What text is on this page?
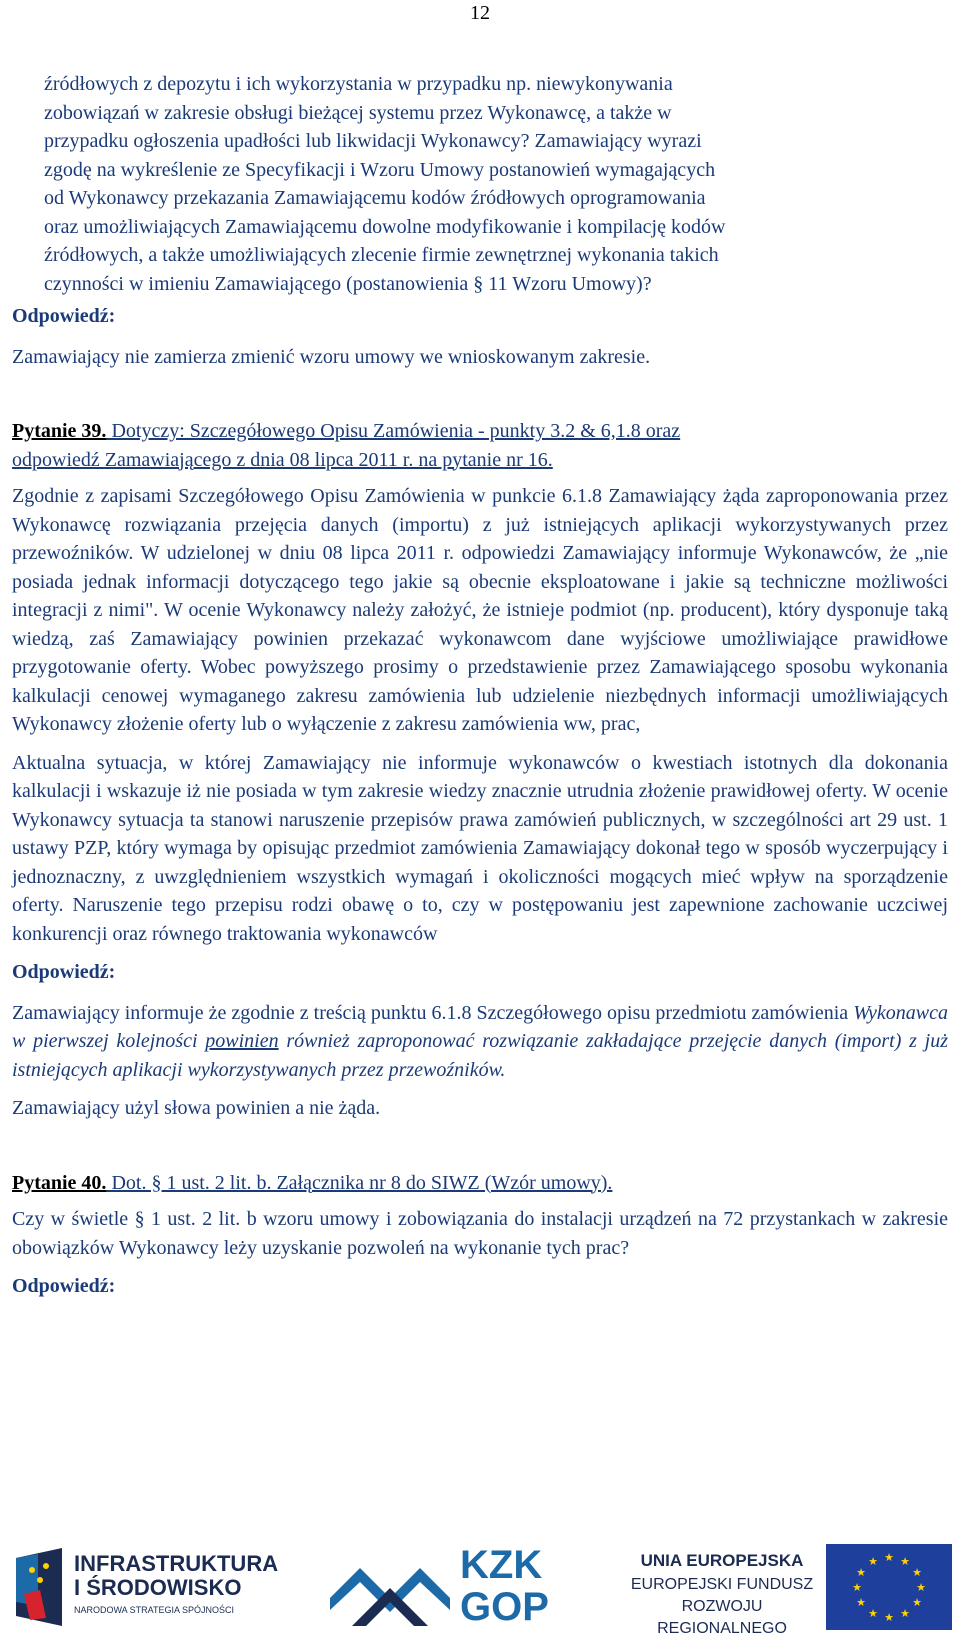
12
źródłowych z depozytu i ich wykorzystania w przypadku np. niewykonywania
zobowiązań w zakresie obsługi bieżącej systemu przez Wykonawcę, a także w
przypadku ogłoszenia upadłości lub likwidacji Wykonawcy? Zamawiający wyrazi
zgodę na wykreślenie ze Specyfikacji i Wzoru Umowy postanowień wymagających
od Wykonawcy przekazania Zamawiającemu kodów źródłowych oprogramowania
oraz umożliwiających Zamawiającemu dowolne modyfikowanie i kompilację kodów
źródłowych, a także umożliwiających zlecenie firmie zewnętrznej wykonania takich
czynności w imieniu Zamawiającego (postanowienia § 11 Wzoru Umowy)?
Odpowiedź:
Zamawiający nie zamierza zmienić wzoru umowy we wnioskowanym zakresie.
Pytanie 39. Dotyczy: Szczegółowego Opisu Zamówienia - punkty 3.2 & 6,1.8 oraz
odpowiedź Zamawiającego z dnia 08 lipca 2011 r. na pytanie nr 16.
Zgodnie z zapisami Szczegółowego Opisu Zamówienia w punkcie 6.1.8 Zamawiający żąda zaproponowania przez Wykonawcę rozwiązania przejęcia danych (importu) z już istniejących aplikacji wykorzystywanych przez przewoźników. W udzielonej w dniu 08 lipca 2011 r. odpowiedzi Zamawiający informuje Wykonawców, że „nie posiada jednak informacji dotyczącego tego jakie są obecnie eksploatowane i jakie są techniczne możliwości integracji z nimi". W ocenie Wykonawcy należy założyć, że istnieje podmiot (np. producent), który dysponuje taką wiedzą, zaś Zamawiający powinien przekazać wykonawcom dane wyjściowe umożliwiające prawidłowe przygotowanie oferty. Wobec powyższego prosimy o przedstawienie przez Zamawiającego sposobu wykonania kalkulacji cenowej wymaganego zakresu zamówienia lub udzielenie niezbędnych informacji umożliwiających Wykonawcy złożenie oferty lub o wyłączenie z zakresu zamówienia ww, prac,
Aktualna sytuacja, w której Zamawiający nie informuje wykonawców o kwestiach istotnych dla dokonania kalkulacji i wskazuje iż nie posiada w tym zakresie wiedzy znacznie utrudnia złożenie prawidłowej oferty. W ocenie Wykonawcy sytuacja ta stanowi naruszenie przepisów prawa zamówień publicznych, w szczególności art 29 ust. 1 ustawy PZP, który wymaga by opisując przedmiot zamówienia Zamawiający dokonał tego w sposób wyczerpujący i jednoznaczny, z uwzględnieniem wszystkich wymagań i okoliczności mogących mieć wpływ na sporządzenie oferty. Naruszenie tego przepisu rodzi obawę o to, czy w postępowaniu jest zapewnione zachowanie uczciwej konkurencji oraz równego traktowania wykonawców
Odpowiedź:
Zamawiający informuje że zgodnie z treścią punktu 6.1.8 Szczegółowego opisu przedmiotu zamówienia Wykonawca w pierwszej kolejności powinien również zaproponować rozwiązanie zakładające przejęcie danych (import) z już istniejących aplikacji wykorzystywanych przez przewoźników.
Zamawiający użyl słowa powinien a nie żąda.
Pytanie 40. Dot. § 1 ust. 2 lit. b. Załącznika nr 8 do SIWZ (Wzór umowy).
Czy w świetle § 1 ust. 2 lit. b wzoru umowy i zobowiązania do instalacji urządzeń na 72 przystankach w zakresie obowiązków Wykonawcy leży uzyskanie pozwoleń na wykonanie tych prac?
Odpowiedź:
INFRASTRUKTURA
I ŚRODOWISKO
NARODOWA STRATEGIA SPÓJNOŚCI
KZK
GOP
UNIA EUROPEJSKA
EUROPEJSKI FUNDUSZ
ROZWOJU REGIONALNEGO
★ ★
★
★
★
★
★
★
★
★
★
★
